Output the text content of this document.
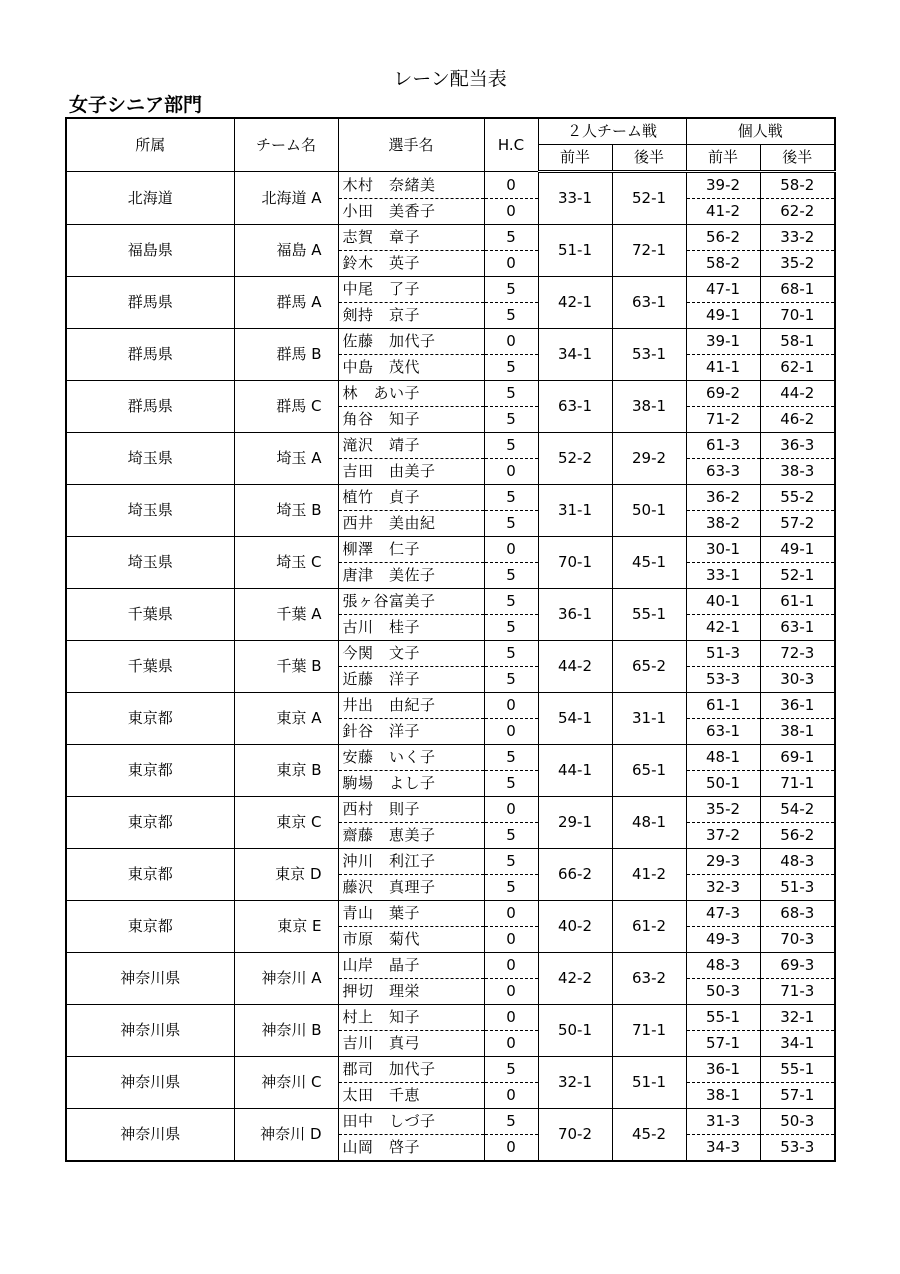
レーン配当表
女子シニア部門
所属	チーム名	選手名	H.C	２人チーム戦		個人戦	
				前半	後半	前半	後半
北海道	北海道 A	木村　奈緒美	0	33-1	52-1	39-2	58-2
		小田　美香子	0			41-2	62-2
福島県	福島 A	志賀　章子	5	51-1	72-1	56-2	33-2
		鈴木　英子	0			58-2	35-2
群馬県	群馬 A	中尾　了子	5	42-1	63-1	47-1	68-1
		剣持　京子	5			49-1	70-1
群馬県	群馬 B	佐藤　加代子	0	34-1	53-1	39-1	58-1
		中島　茂代	5			41-1	62-1
群馬県	群馬 C	林　あい子	5	63-1	38-1	69-2	44-2
		角谷　知子	5			71-2	46-2
埼玉県	埼玉 A	滝沢　靖子	5	52-2	29-2	61-3	36-3
		吉田　由美子	0			63-3	38-3
埼玉県	埼玉 B	植竹　貞子	5	31-1	50-1	36-2	55-2
		西井　美由紀	5			38-2	57-2
埼玉県	埼玉 C	柳澤　仁子	0	70-1	45-1	30-1	49-1
		唐津　美佐子	5			33-1	52-1
千葉県	千葉 A	張ヶ谷富美子	5	36-1	55-1	40-1	61-1
		古川　桂子	5			42-1	63-1
千葉県	千葉 B	今関　文子	5	44-2	65-2	51-3	72-3
		近藤　洋子	5			53-3	30-3
東京都	東京 A	井出　由紀子	0	54-1	31-1	61-1	36-1
		針谷　洋子	0			63-1	38-1
東京都	東京 B	安藤　いく子	5	44-1	65-1	48-1	69-1
		駒場　よし子	5			50-1	71-1
東京都	東京 C	西村　則子	0	29-1	48-1	35-2	54-2
		齋藤　恵美子	5			37-2	56-2
東京都	東京 D	沖川　利江子	5	66-2	41-2	29-3	48-3
		藤沢　真理子	5			32-3	51-3
東京都	東京 E	青山　葉子	0	40-2	61-2	47-3	68-3
		市原　菊代	0			49-3	70-3
神奈川県	神奈川 A	山岸　晶子	0	42-2	63-2	48-3	69-3
		押切　理栄	0			50-3	71-3
神奈川県	神奈川 B	村上　知子	0	50-1	71-1	55-1	32-1
		吉川　真弓	0			57-1	34-1
神奈川県	神奈川 C	郡司　加代子	5	32-1	51-1	36-1	55-1
		太田　千恵	0			38-1	57-1
神奈川県	神奈川 D	田中　しづ子	5	70-2	45-2	31-3	50-3
		山岡　啓子	0			34-3	53-3
